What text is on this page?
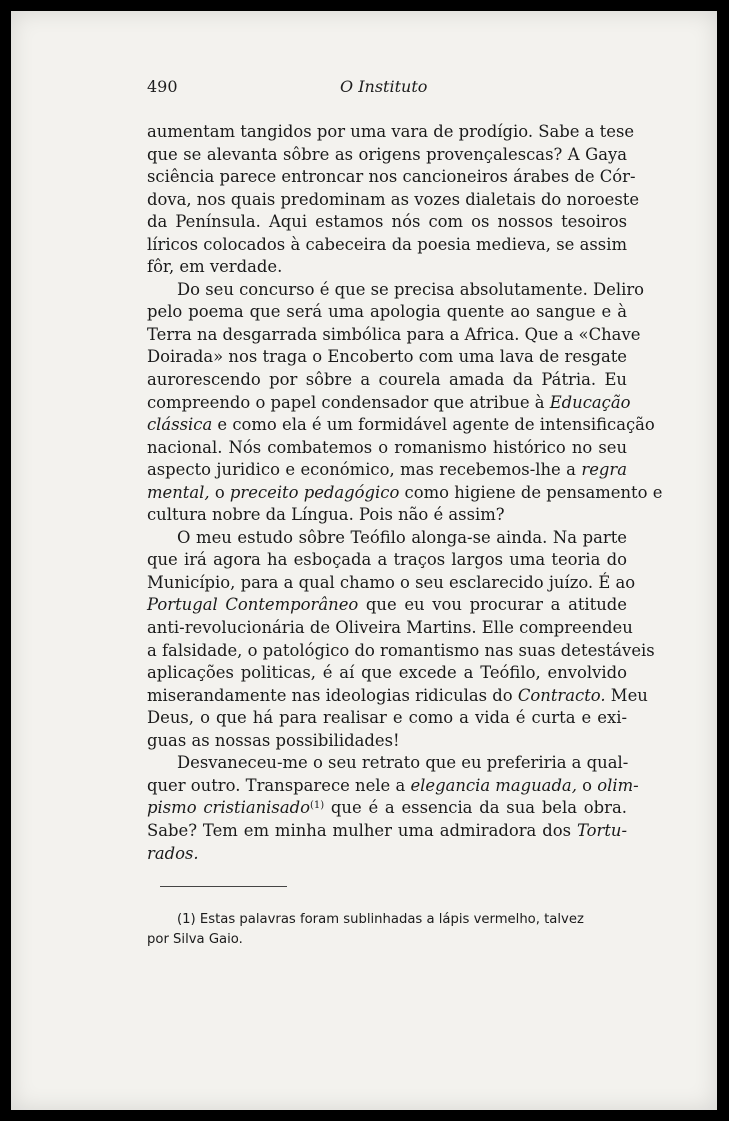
490	O Instituto
aumentam tangidos por uma vara de prodígio. Sabe a tese
que se alevanta sôbre as origens provençalescas? A Gaya
sciência parece entroncar nos cancioneiros árabes de Cór-
dova, nos quais predominam as vozes dialetais do noroeste
da Península. Aqui estamos nós com os nossos tesoiros
líricos colocados à cabeceira da poesia medieva, se assim
fôr, em verdade.
Do seu concurso é que se precisa absolutamente. Deliro
pelo poema que será uma apologia quente ao sangue e à
Terra na desgarrada simbólica para a Africa. Que a «Chave
Doirada» nos traga o Encoberto com uma lava de resgate
aurorescendo por sôbre a courela amada da Pátria. Eu
compreendo o papel condensador que atribue à Educação
clássica e como ela é um formidável agente de intensificação
nacional. Nós combatemos o romanismo histórico no seu
aspecto juridico e económico, mas recebemos-lhe a regra
mental, o preceito pedagógico como higiene de pensamento e
cultura nobre da Língua. Pois não é assim?
O meu estudo sôbre Teófilo alonga-se ainda. Na parte
que irá agora ha esboçada a traços largos uma teoria do
Município, para a qual chamo o seu esclarecido juízo. É ao
Portugal Contemporâneo que eu vou procurar a atitude
anti-revolucionária de Oliveira Martins. Elle compreendeu
a falsidade, o patológico do romantismo nas suas detestáveis
aplicações politicas, é aí que excede a Teófilo, envolvido
miserandamente nas ideologias ridiculas do Contracto. Meu
Deus, o que há para realisar e como a vida é curta e exi-
guas as nossas possibilidades!
Desvaneceu-me o seu retrato que eu preferiria a qual-
quer outro. Transparece nele a elegancia maguada, o olim-
pismo cristianisado$^{(1)}$ que é a essencia da sua bela obra.
Sabe? Tem em minha mulher uma admiradora dos Tortu-
rados.
(1) Estas palavras foram sublinhadas a lápis vermelho, talvez
por Silva Gaio.
